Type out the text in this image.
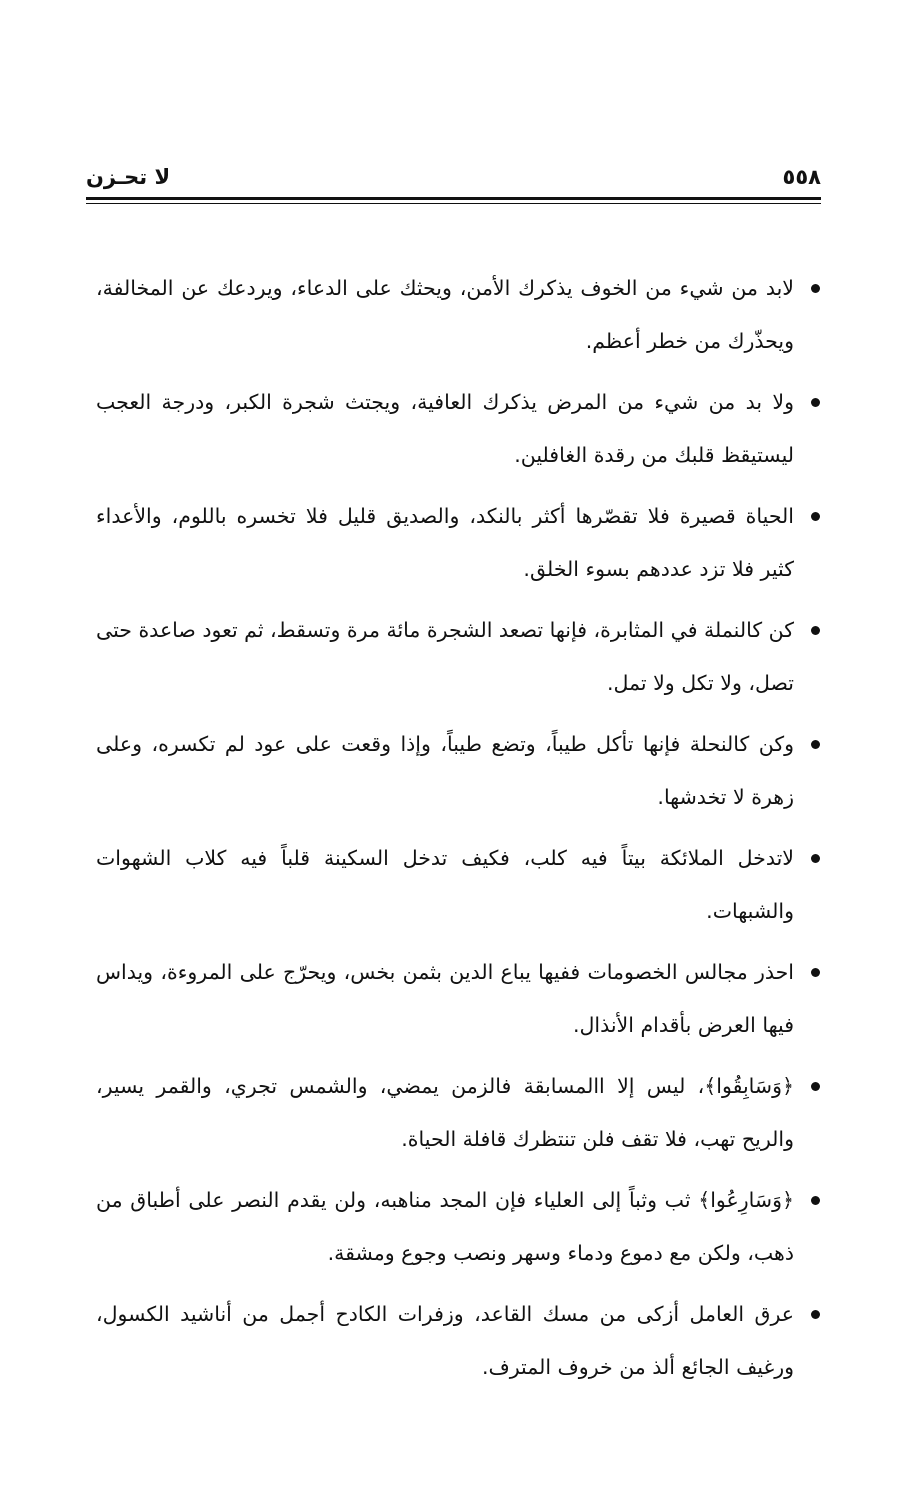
لا تحـزن	٥٥٨
لابد من شيء من الخوف يذكرك الأمن، ويحثك على الدعاء، ويردعك عن المخالفة، ويحذّرك من خطر أعظم.
ولا بد من شيء من المرض يذكرك العافية، ويجتث شجرة الكبر، ودرجة العجب ليستيقظ قلبك من رقدة الغافلين.
الحياة قصيرة فلا تقصّرها أكثر بالنكد، والصديق قليل فلا تخسره باللوم، والأعداء كثير فلا تزد عددهم بسوء الخلق.
كن كالنملة في المثابرة، فإنها تصعد الشجرة مائة مرة وتسقط، ثم تعود صاعدة حتى تصل، ولا تكل ولا تمل.
وكن كالنحلة فإنها تأكل طيباً، وتضع طيباً، وإذا وقعت على عود لم تكسره، وعلى زهرة لا تخدشها.
لاتدخل الملائكة بيتاً فيه كلب، فكيف تدخل السكينة قلباً فيه كلاب الشهوات والشبهات.
احذر مجالس الخصومات ففيها يباع الدين بثمن بخس، ويحرّج على المروءة، ويداس فيها العرض بأقدام الأنذال.
﴿وَسَابِقُوا﴾، ليس إلا االمسابقة فالزمن يمضي، والشمس تجري، والقمر يسير، والريح تهب، فلا تقف فلن تنتظرك قافلة الحياة.
﴿وَسَارِعُوا﴾ ثب وثباً إلى العلياء فإن المجد مناهبه، ولن يقدم النصر على أطباق من ذهب، ولكن مع دموع ودماء وسهر ونصب وجوع ومشقة.
عرق العامل أزكى من مسك القاعد، وزفرات الكادح أجمل من أناشيد الكسول، ورغيف الجائع ألذ من خروف المترف.
